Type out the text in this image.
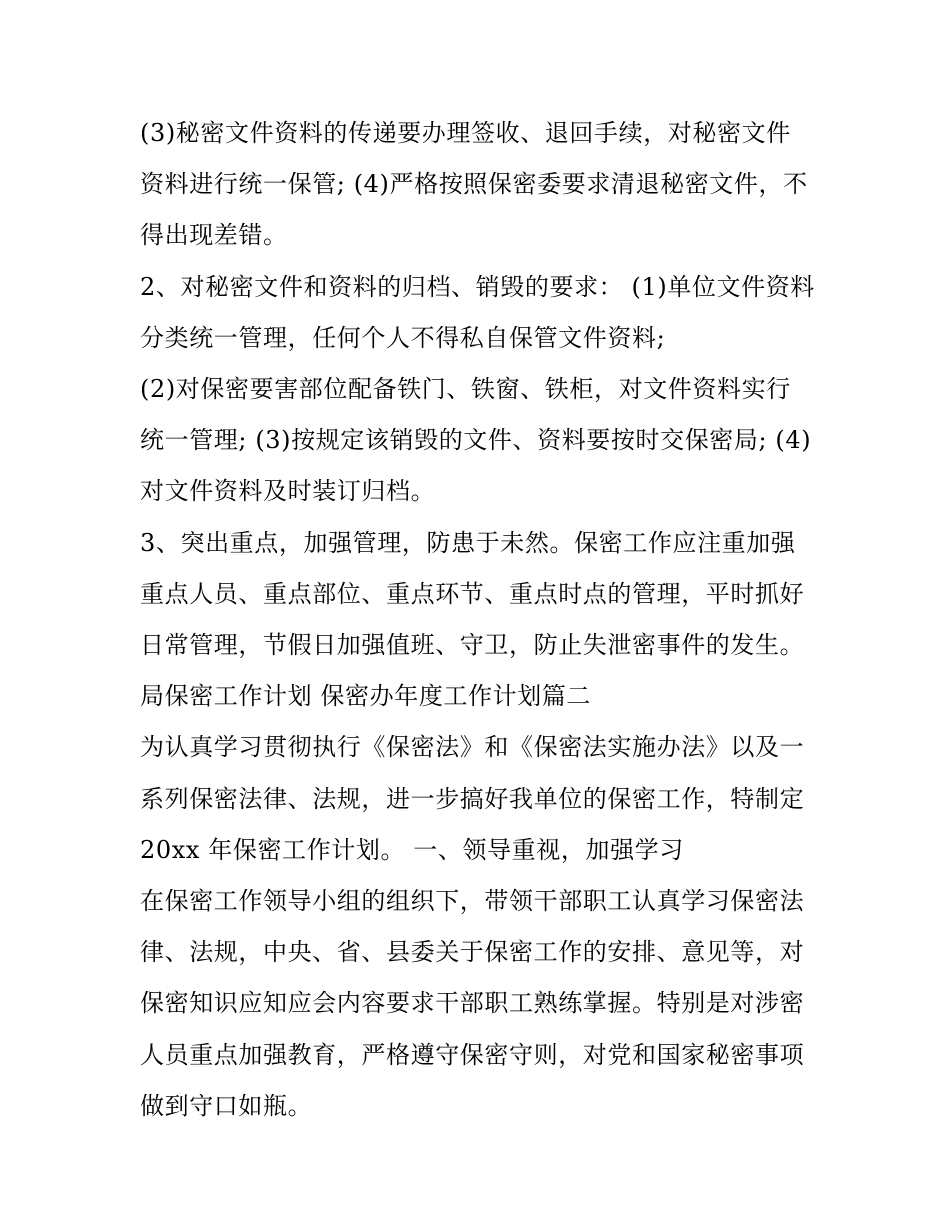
(3)秘密文件资料的传递要办理签收、退回手续，对秘密文件
资料进行统一保管; (4)严格按照保密委要求清退秘密文件，不
得出现差错。

2、对秘密文件和资料的归档、销毁的要求： (1)单位文件资料
分类统一管理，任何个人不得私自保管文件资料;

(2)对保密要害部位配备铁门、铁窗、铁柜，对文件资料实行
统一管理; (3)按规定该销毁的文件、资料要按时交保密局; (4)
对文件资料及时装订归档。

3、突出重点，加强管理，防患于未然。保密工作应注重加强
重点人员、重点部位、重点环节、重点时点的管理，平时抓好
日常管理，节假日加强值班、守卫，防止失泄密事件的发生。

局保密工作计划 保密办年度工作计划篇二

为认真学习贯彻执行《保密法》和《保密法实施办法》以及一
系列保密法律、法规，进一步搞好我单位的保密工作，特制定
20xx 年保密工作计划。 一、领导重视，加强学习

在保密工作领导小组的组织下，带领干部职工认真学习保密法
律、法规，中央、省、县委关于保密工作的安排、意见等，对
保密知识应知应会内容要求干部职工熟练掌握。特别是对涉密
人员重点加强教育，严格遵守保密守则，对党和国家秘密事项
做到守口如瓶。
